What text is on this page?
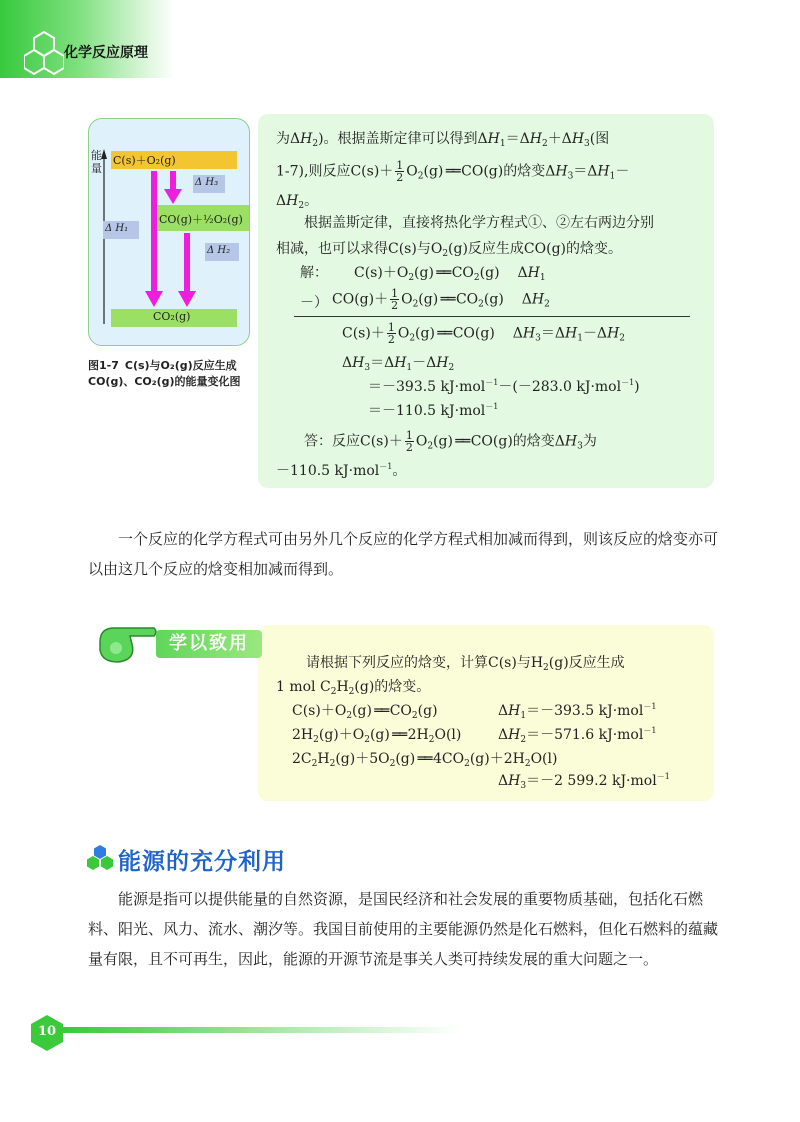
化学反应原理
能量
C(s)＋O₂(g)
CO(g)＋½O₂(g)
CO₂(g)
Δ H₃
Δ H₁
Δ H₂
图1-7 C(s)与O₂(g)反应生成CO(g)、CO₂(g)的能量变化图
为$\Delta H_2$)。根据盖斯定律可以得到$\Delta H_1=\Delta H_2+\Delta H_3$(图
1-7),则反应$C(s)+ \frac{1}{2} O_2(g)$ ══ CO(g)的焓变$\Delta H_3=\Delta H_1-$
$\Delta H_2$。
根据盖斯定律，直接将热化学方程式①、②左右两边分别
相减，也可以求得C(s)与$O_2(g)$反应生成CO(g)的焓变。
解： $C(s)+O_2(g)$ ══ $CO_2(g)$ $\Delta H_1$
－） $CO(g)+ \frac{1}{2} O_2(g)$ ══ $CO_2(g)$ $\Delta H_2$
$C(s)+ \frac{1}{2} O_2(g)$ ══ CO(g) $\Delta H_3=\Delta H_1-\Delta H_2$
$\Delta H_3=\Delta H_1-\Delta H_2$
＝－393.5 kJ·mol$^{-1}$－(－283.0 kJ·mol$^{-1}$)
＝－110.5 kJ·mol$^{-1}$
答：反应$C(s)+ \frac{1}{2} O_2(g)$ ══ CO(g)的焓变$\Delta H_3$为
－110.5 kJ·mol$^{-1}$。
一个反应的化学方程式可由另外几个反应的化学方程式相加减而得到，则该反应的焓变亦可以由这几个反应的焓变相加减而得到。
学以致用
请根据下列反应的焓变，计算C(s)与$H_2(g)$反应生成
1 mol $C_2H_2(g)$的焓变。
$C(s)+O_2(g)$ ══ $CO_2(g)$	$\Delta H_1=-393.5$ kJ·mol$^{-1}$
$2H_2(g)+O_2(g)$ ══ $2H_2O(l)$	$\Delta H_2=-571.6$ kJ·mol$^{-1}$
$2C_2H_2(g)+5O_2(g)$ ══ $4CO_2(g)+2H_2O(l)$
$\Delta H_3=-2$ 599.2 kJ·mol$^{-1}$
能源的充分利用
能源是指可以提供能量的自然资源，是国民经济和社会发展的重要物质基础，包括化石燃料、阳光、风力、流水、潮汐等。我国目前使用的主要能源仍然是化石燃料，但化石燃料的蕴藏量有限，且不可再生，因此，能源的开源节流是事关人类可持续发展的重大问题之一。
10
